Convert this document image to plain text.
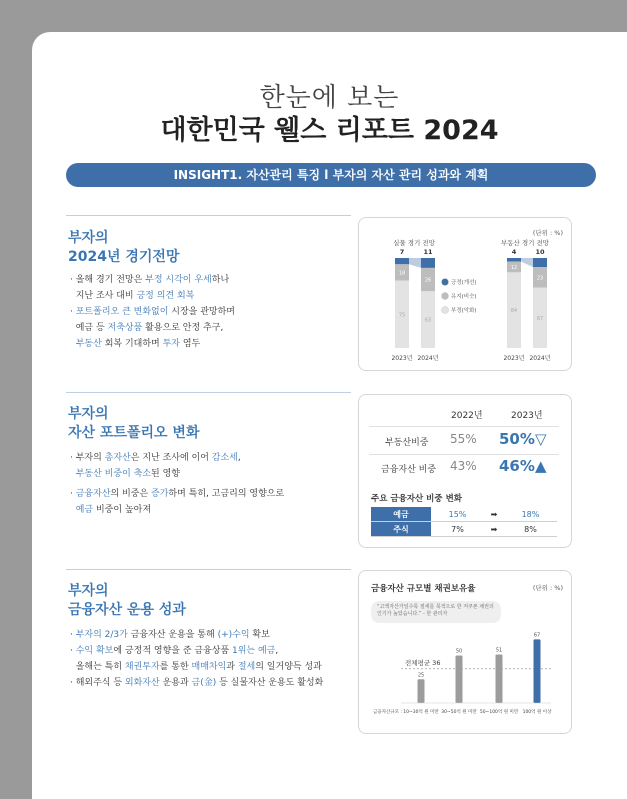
한눈에 보는
대한민국 웰스 리포트 2024
INSIGHT1. 자산관리 특징 l 부자의 자산 관리 성과와 계획
부자의
2024년 경기전망

· 올해 경기 전망은 부정 시각이 우세하나

지난 조사 대비 긍정 의견 회복

· 포트폴리오 큰 변화없이 시장을 관망하며

예금 등 저축상품 활용으로 안정 추구,

부동산 회복 기대하며 투자 염두

(단위 : %)
실물 경기 전망
18
75
7
2023년
26
63
11
2024년
부동산 경기 전망
12
84
4
2023년
23
67
10
2024년
긍정(개선)
유지(비슷)
부정(악화)
부자의
자산 포트폴리오 변화

· 부자의 총자산은 지난 조사에 이어 감소세,

부동산 비중이 축소된 영향

· 금융자산의 비중은 증가하며 특히, 고금리의 영향으로

예금 비중이 높아져

2022년	2023년
부동산비중 55% 50% ▽
금융자산 비중 43% 46% ▲
주요 금융자산 비중 변화
예금	15%	➡	18%
주식	7%	➡	8%
부자의
금융자산 운용 성과

· 부자의 2/3가 금융자산 운용을 통해 (+)수익 확보

· 수익 확보에 긍정적 영향을 준 금융상품 1위는 예금,

올해는 특히 채권투자를 통한 매매차익과 절세의 일거양득 성과

· 해외주식 등 외화자산 운용과 금(金) 등 실물자산 운용도 활성화

금융자산 규모별 채권보유율	(단위 : %)
“고액자산가일수록 절세를 목적으로 한 저쿠폰 채권의 인기가 높았습니다.” - 한 관리자
전체평균 36
25
10~30억 원 미만
50
30~50억 원 미만
51
50~100억 원 미만
67
100억 원 이상
금융자산규모 :
